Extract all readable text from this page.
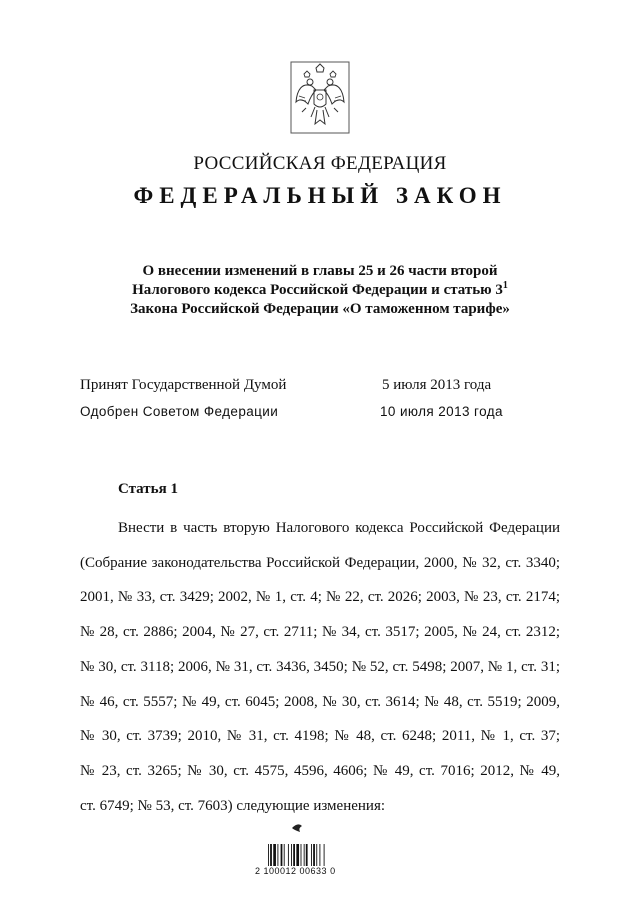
РОССИЙСКАЯ ФЕДЕРАЦИЯ
ФЕДЕРАЛЬНЫЙ ЗАКОН
О внесении изменений в главы 25 и 26 части второй
Налогового кодекса Российской Федерации и статью $3^1$
Закона Российской Федерации «О таможенном тарифе»
Принят Государственной Думой	5 июля 2013 года
Одобрен Советом Федерации	10 июля 2013 года
Статья 1
Внести в часть вторую Налогового кодекса Российской Федерации
(Собрание законодательства Российской Федерации, 2000, № 32, ст. 3340;
2001, № 33, ст. 3429; 2002, № 1, ст. 4; № 22, ст. 2026; 2003, № 23, ст. 2174;
№ 28, ст. 2886; 2004, № 27, ст. 2711; № 34, ст. 3517; 2005, № 24, ст. 2312;
№ 30, ст. 3118; 2006, № 31, ст. 3436, 3450; № 52, ст. 5498; 2007, № 1, ст. 31;
№ 46, ст. 5557; № 49, ст. 6045; 2008, № 30, ст. 3614; № 48, ст. 5519; 2009,
№ 30, ст. 3739; 2010, № 31, ст. 4198; № 48, ст. 6248; 2011, № 1, ст. 37;
№ 23, ст. 3265; № 30, ст. 4575, 4596, 4606; № 49, ст. 7016; 2012, № 49,
ст. 6749; № 53, ст. 7603) следующие изменения:
2 100012 00633 0
